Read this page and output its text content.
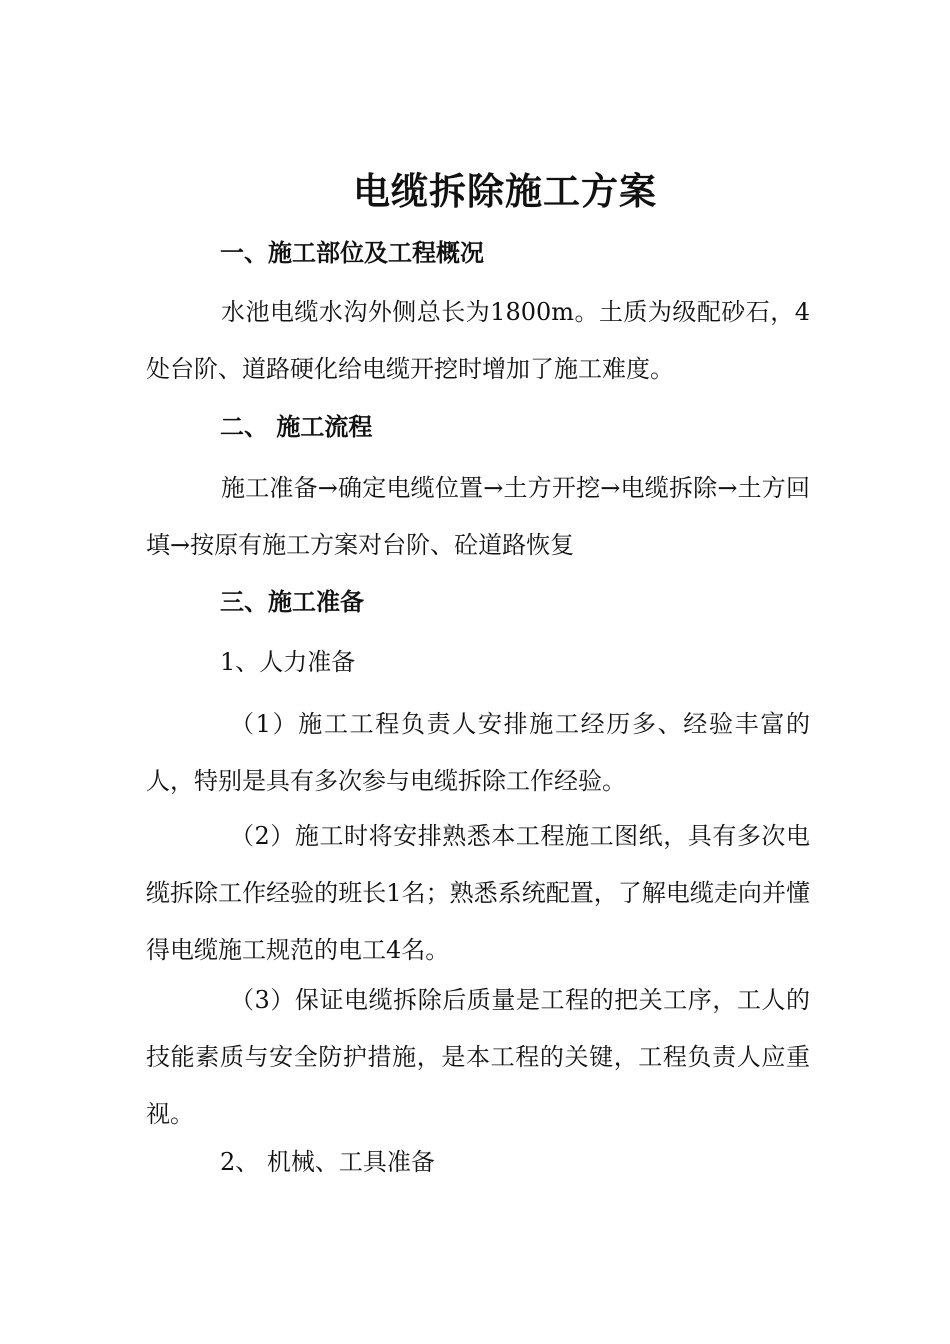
电缆拆除施工方案
一、施工部位及工程概况
水池电缆水沟外侧总长为1800m。土质为级配砂石，4处台阶、道路硬化给电缆开挖时增加了施工难度。
二、 施工流程
施工准备→确定电缆位置→土方开挖→电缆拆除→土方回填→按原有施工方案对台阶、砼道路恢复
三、施工准备
1、人力准备
（1）施工工程负责人安排施工经历多、经验丰富的人，特别是具有多次参与电缆拆除工作经验。
（2）施工时将安排熟悉本工程施工图纸，具有多次电缆拆除工作经验的班长1名；熟悉系统配置，了解电缆走向并懂得电缆施工规范的电工4名。
（3）保证电缆拆除后质量是工程的把关工序，工人的技能素质与安全防护措施，是本工程的关键，工程负责人应重视。
2、 机械、工具准备
